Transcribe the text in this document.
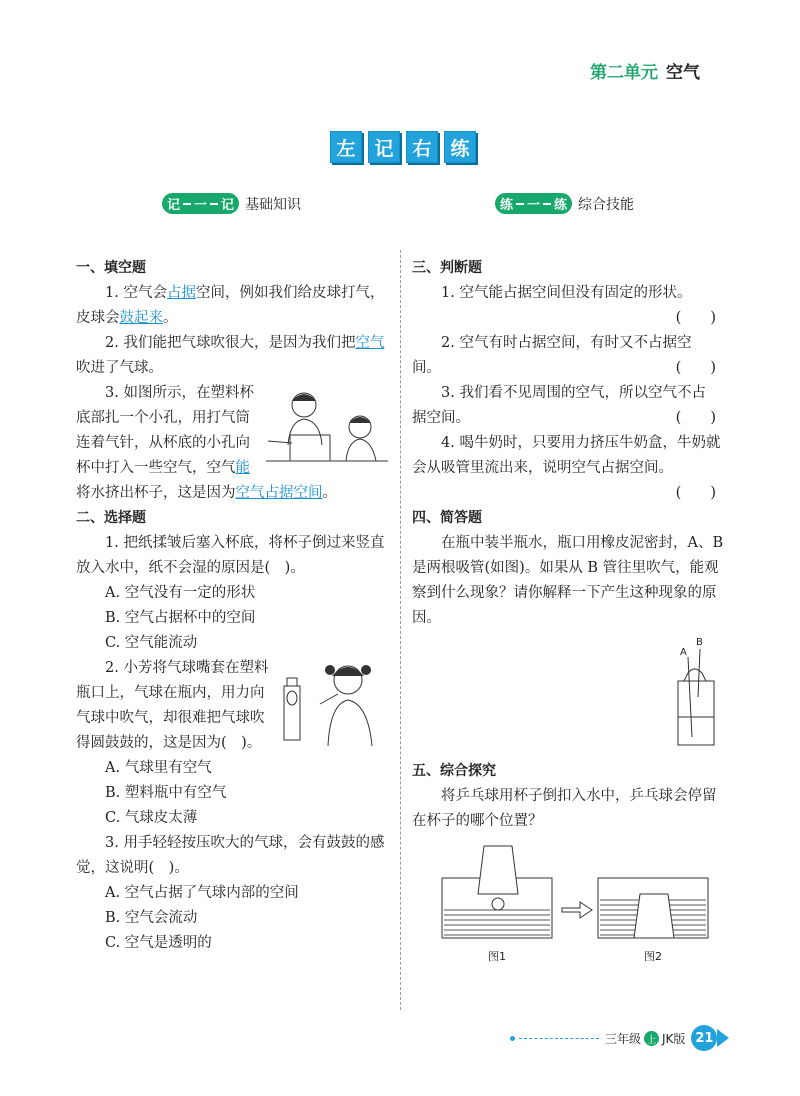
第二单元 空气
左 记 右 练
记 一 记 基础知识	练 一 练 综合技能
一、填空题
1. 空气会占据空间，例如我们给皮球打气，皮球会鼓起来。
2. 我们能把气球吹很大，是因为我们把空气吹进了气球。
3. 如图所示，在塑料杯底部扎一个小孔，用打气筒连着气针，从杯底的小孔向杯中打入一些空气，空气能将水挤出杯子，这是因为空气占据空间。
二、选择题
1. 把纸揉皱后塞入杯底，将杯子倒过来竖直放入水中，纸不会湿的原因是(　)。
A. 空气没有一定的形状
B. 空气占据杯中的空间
C. 空气能流动
2. 小芳将气球嘴套在塑料瓶口上，气球在瓶内，用力向气球中吹气，却很难把气球吹得圆鼓鼓的，这是因为(　)。
A. 气球里有空气
B. 塑料瓶中有空气
C. 气球皮太薄
3. 用手轻轻按压吹大的气球，会有鼓鼓的感觉，这说明(　)。
A. 空气占据了气球内部的空间
B. 空气会流动
C. 空气是透明的
三、判断题
1. 空气能占据空间但没有固定的形状。
(　　)
2. 空气有时占据空间，有时又不占据空间。	(　　)
3. 我们看不见周围的空气，所以空气不占据空间。	(　　)
4. 喝牛奶时，只要用力挤压牛奶盒，牛奶就会从吸管里流出来，说明空气占据空间。
(　　)
四、简答题
在瓶中装半瓶水，瓶口用橡皮泥密封，A、B 是两根吸管(如图)。如果从 B 管往里吹气，能观察到什么现象？请你解释一下产生这种现象的原因。
A
B
五、综合探究
将乒乓球用杯子倒扣入水中，乒乓球会停留在杯子的哪个位置？
图1	图2
三年级 上 JK版 21
